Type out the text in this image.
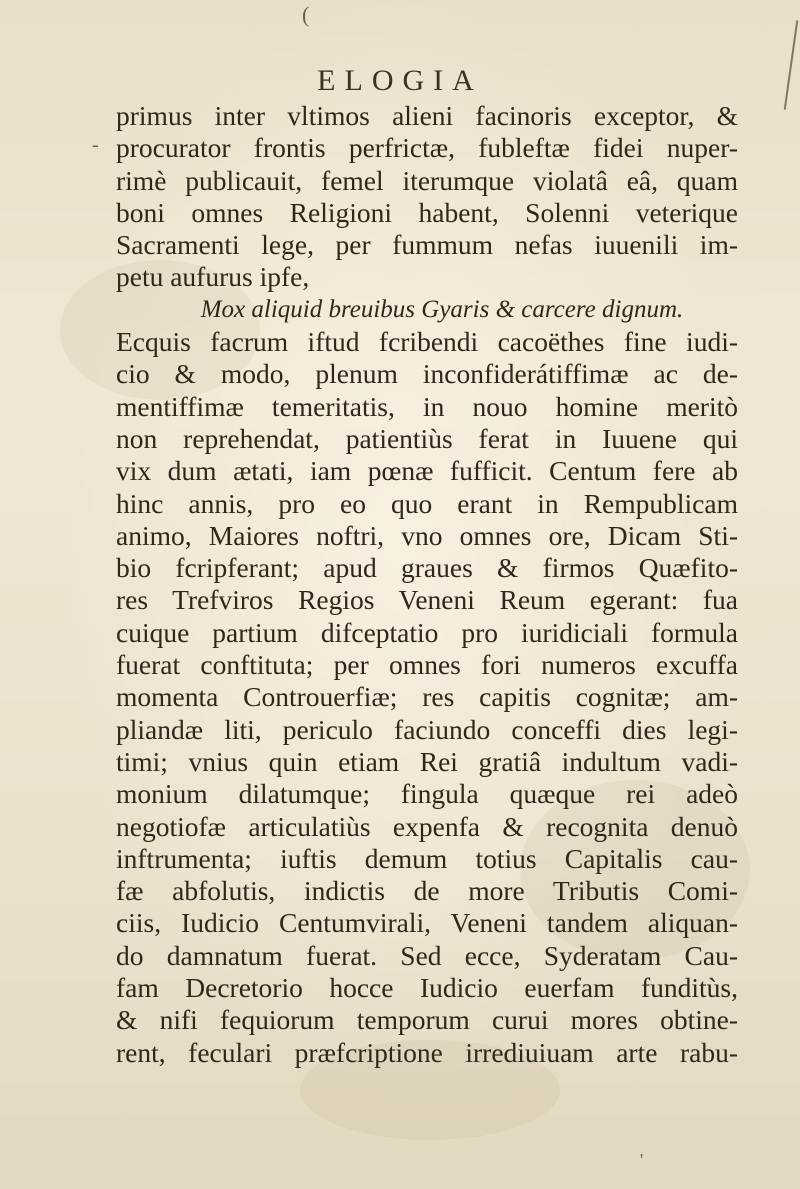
(
-
'
ELOGIA
primus inter vltimos alieni facinoris exceptor, &
procurator frontis perfrictæ, fubleftæ fidei nuper-
rimè publicauit, femel iterumque violatâ eâ, quam
boni omnes Religioni habent, Solenni veterique
Sacramenti lege, per fummum nefas iuuenili im-
petu aufurus ipfe,
Mox aliquid breuibus Gyaris & carcere dignum.
Ecquis facrum iftud fcribendi cacoëthes fine iudi-
cio & modo, plenum inconfiderátiffimæ ac de-
mentiffimæ temeritatis, in nouo homine meritò
non reprehendat, patientiùs ferat in Iuuene qui
vix dum ætati, iam pœnæ fufficit. Centum fere ab
hinc annis, pro eo quo erant in Rempublicam
animo, Maiores noftri, vno omnes ore, Dicam Sti-
bio fcripferant; apud graues & firmos Quæfito-
res Trefviros Regios Veneni Reum egerant: fua
cuique partium difceptatio pro iuridiciali formula
fuerat conftituta; per omnes fori numeros excuffa
momenta Controuerfiæ; res capitis cognitæ; am-
pliandæ liti, periculo faciundo conceffi dies legi-
timi; vnius quin etiam Rei gratiâ indultum vadi-
monium dilatumque; fingula quæque rei adeò
negotiofæ articulatiùs expenfa & recognita denuò
inftrumenta; iuftis demum totius Capitalis cau-
fæ abfolutis, indictis de more Tributis Comi-
ciis, Iudicio Centumvirali, Veneni tandem aliquan-
do damnatum fuerat. Sed ecce, Syderatam Cau-
fam Decretorio hocce Iudicio euerfam funditùs,
& nifi fequiorum temporum curui mores obtine-
rent, feculari præfcriptione irrediuiuam arte rabu-
